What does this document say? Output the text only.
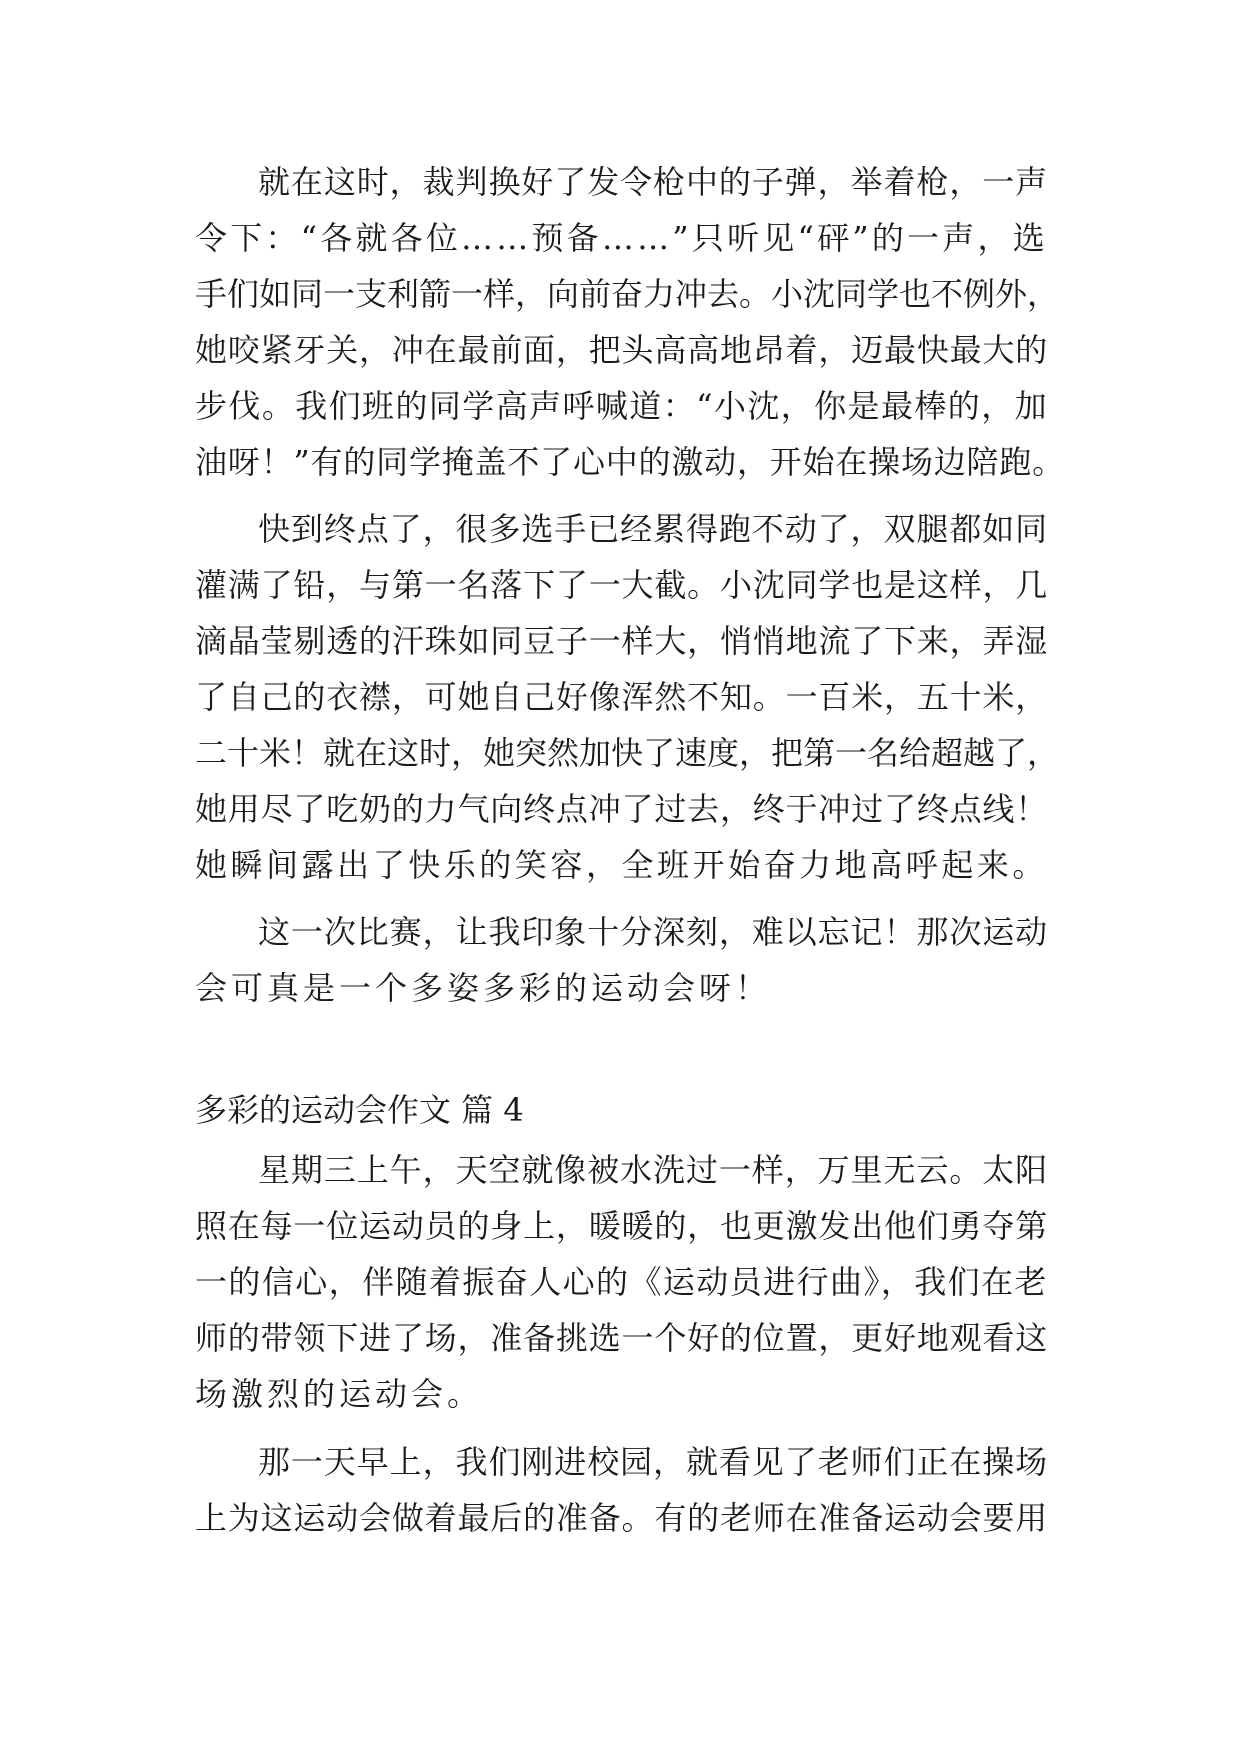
就在这时，裁判换好了发令枪中的子弹，举着枪，一声
令下：“各就各位……预备……”只听见“砰”的一声，选
手们如同一支利箭一样，向前奋力冲去。小沈同学也不例外，
她咬紧牙关，冲在最前面，把头高高地昂着，迈最快最大的
步伐。我们班的同学高声呼喊道：“小沈，你是最棒的，加
油呀！”有的同学掩盖不了心中的激动，开始在操场边陪跑。
快到终点了，很多选手已经累得跑不动了，双腿都如同
灌满了铅，与第一名落下了一大截。小沈同学也是这样，几
滴晶莹剔透的汗珠如同豆子一样大，悄悄地流了下来，弄湿
了自己的衣襟，可她自己好像浑然不知。一百米，五十米，
二十米！就在这时，她突然加快了速度，把第一名给超越了，
她用尽了吃奶的力气向终点冲了过去，终于冲过了终点线！
她瞬间露出了快乐的笑容，全班开始奋力地高呼起来。
这一次比赛，让我印象十分深刻，难以忘记！那次运动
会可真是一个多姿多彩的运动会呀！
多彩的运动会作文 篇 4
星期三上午，天空就像被水洗过一样，万里无云。太阳
照在每一位运动员的身上，暖暖的，也更激发出他们勇夺第
一的信心，伴随着振奋人心的《运动员进行曲》，我们在老
师的带领下进了场，准备挑选一个好的位置，更好地观看这
场激烈的运动会。
那一天早上，我们刚进校园，就看见了老师们正在操场
上为这运动会做着最后的准备。有的老师在准备运动会要用
